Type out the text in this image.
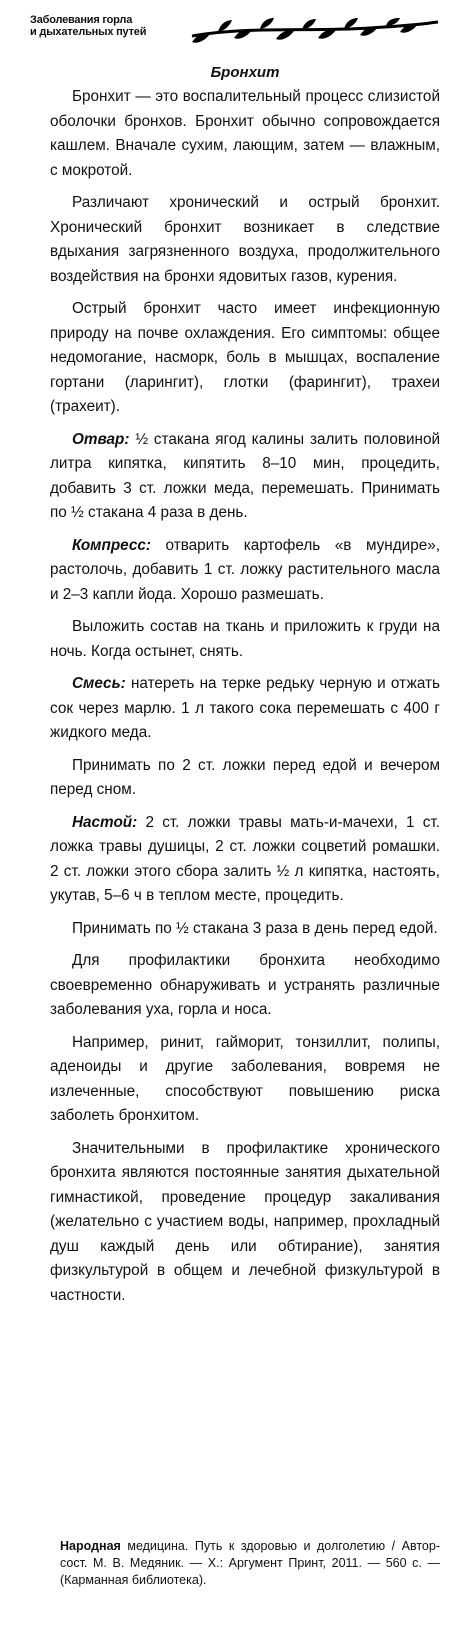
Заболевания горла
и дыхательных путей
Бронхит

Бронхит — это воспалительный процесс слизистой оболочки бронхов. Бронхит обычно сопровождается кашлем. Вначале сухим, лающим, затем — влажным, с мокротой.

Различают хронический и острый бронхит. Хронический бронхит возникает в следствие вдыхания загрязненного воздуха, продолжительного воздействия на бронхи ядовитых газов, курения.

Острый бронхит часто имеет инфекционную природу на почве охлаждения. Его симптомы: общее недомогание, насморк, боль в мышцах, воспаление гортани (ларингит), глотки (фарингит), трахеи (трахеит).

Отвар: ½ стакана ягод калины залить половиной литра кипятка, кипятить 8–10 мин, процедить, добавить 3 ст. ложки меда, перемешать. Принимать по ½ стакана 4 раза в день.

Компресс: отварить картофель «в мундире», растолочь, добавить 1 ст. ложку растительного масла и 2–3 капли йода. Хорошо размешать.

Выложить состав на ткань и приложить к груди на ночь. Когда остынет, снять.

Смесь: натереть на терке редьку черную и отжать сок через марлю. 1 л такого сока перемешать с 400 г жидкого меда.

Принимать по 2 ст. ложки перед едой и вечером перед сном.

Настой: 2 ст. ложки травы мать-и-мачехи, 1 ст. ложка травы душицы, 2 ст. ложки соцветий ромашки. 2 ст. ложки этого сбора залить ½ л кипятка, настоять, укутав, 5–6 ч в теплом месте, процедить.

Принимать по ½ стакана 3 раза в день перед едой.

Для профилактики бронхита необходимо своевременно обнаруживать и устранять различные заболевания уха, горла и носа.

Например, ринит, гайморит, тонзиллит, полипы, аденоиды и другие заболевания, вовремя не излеченные, способствуют повышению риска заболеть бронхитом.

Значительными в профилактике хронического бронхита являются постоянные занятия дыхательной гимнастикой, проведение процедур закаливания (желательно с участием воды, например, прохладный душ каждый день или обтирание), занятия физкультурой в общем и лечебной физкультурой в частности.

Народная медицина. Путь к здоровью и долголетию / Автор-сост. М. В. Медяник. — Х.: Аргумент Принт, 2011. — 560 с. — (Карманная библиотека).
